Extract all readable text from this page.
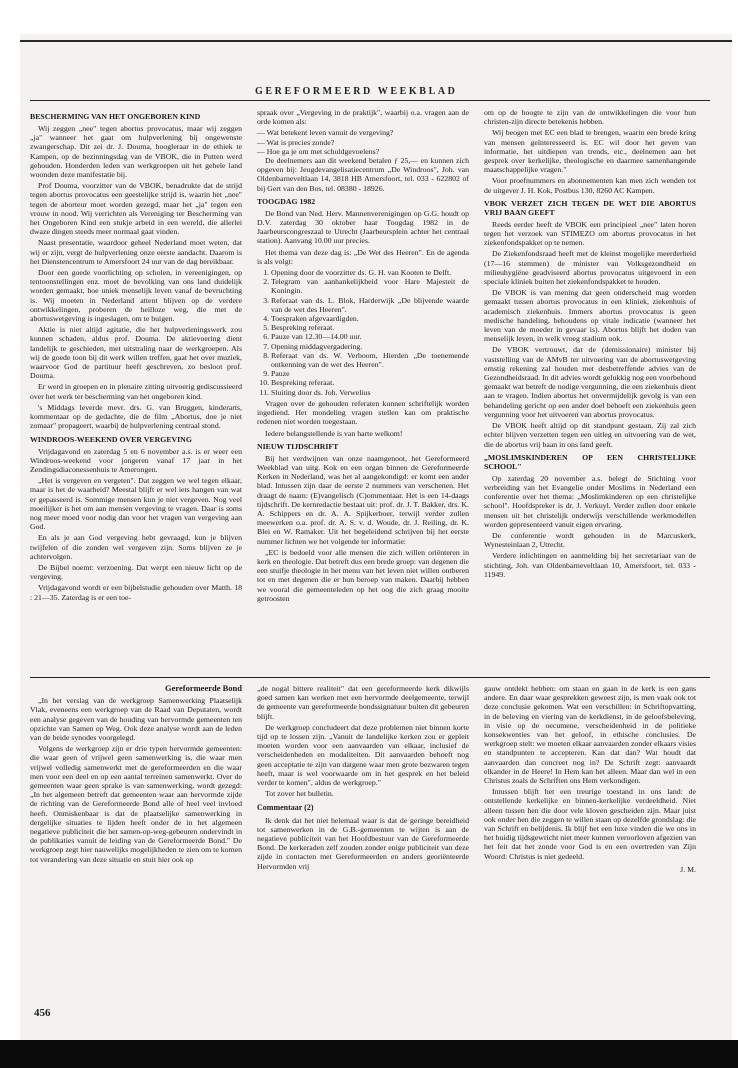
GEREFORMEERD WEEKBLAD
BESCHERMING VAN HET ONGEBOREN KIND

Wij zeggen „nee" tegen abortus provocatus, maar wij zeggen „ja" wanneer het gaat om hulpverlening bij ongewenste zwangerschap. Dit zei dr. J. Douma, hoogleraar in de ethiek te Kampen, op de bezinningsdag van de VBOK, die in Putten werd gehouden. Honderden leden van werkgroepen uit het gehele land woonden deze manifestatie bij.

Prof Douma, voorzitter van de VBOK, benadrukte dat de strijd tegen abortus provocatus een geestelijke strijd is, waarin het „nee" tegen de aborteur moet worden gezegd, maar het „ja" tegen een vrouw in nood. Wij verrichten als Vereniging ter Bescherming van het Ongeboren Kind een stukje arbeid in een wereld, die allerlei dwaze dingen steeds meer normaal gaat vinden.

Naast presentatie, waardoor geheel Nederland moet weten, dat wij er zijn, vergt de hulpverlening onze eerste aandacht. Daarom is het Dienstencentrum te Amersfoort 24 uur van de dag bereikbaar.

Door een goede voorlichting op scholen, in vereenigingen, op tentoonstellingen enz. moet de bevolking van ons land duidelijk worden gemaakt, hoe uniek menselijk leven vanaf de bevruchting is. Wij moeten in Nederland attent blijven op de verdere ontwikkelingen, proberen de heilloze weg, die met de abortuswetgeving is ingeslagen, om te buigen.

Aktie is niet altijd agitatie, die het hulpverleningswerk zou kunnen schaden, aldus prof. Douma. De aktievoering dient landelijk te geschieden, met uitstraling naar de werkgroepen. Als wij de goede toon bij dit werk willen treffen, gaat het over muziek, waarvoor God de partituur heeft geschreven, zo besloot prof. Douma.

Er werd in groepen en in plenaire zitting uitvoerig gediscussieerd over het werk ter bescherming van het ongeboren kind.

's Middags leverde mevr. drs. G. van Bruggen, kinderarts, kommentaar op de gedachte, die de film „Abortus, doe je niet zomaar" propageert, waarbij de hulpverlening centraal stond.

WINDROOS-WEEKEND OVER VERGEVING

Vrijdagavond en zaterdag 5 en 6 november a.s. is er weer een Windroos-weekend voor jongeren vanaf 17 jaar in het Zendingsdiaconessenhuis te Amerongen.

„Het is vergeven en vergeten". Dat zeggen we wel tegen elkaar, maar is het de waarheid? Meestal blijft er wel iets hangen van wat er gepasseerd is. Sommige mensen kun je niet vergeven. Nog veel moeilijker is het om aan mensen vergeving te vragen. Daar is soms nog meer moed voor nodig dan voor het vragen van vergeving aan God.

En als je aan God vergeving hebt gevraagd, kun je blijven twijfelen of die zonden wel vergeven zijn. Soms blijven ze je achtervolgen.

De Bijbel noemt: verzoening. Dat werpt een nieuw licht op de vergeving.

Vrijdagavond wordt er een bijbelstudie gehouden over Matth. 18 : 21—35. Zaterdag is er een toe-

spraak over „Vergeving in de praktijk", waarbij o.a. vragen aan de orde komen als:

— Wat betekent leven vanuit de vergeving?

— Wat is precies zonde?

— Hoe ga je om met schuldgevoelens?

De deelnemers aan dit weekend betalen ƒ 25,— en kunnen zich opgeven bij: Jeugdevangelisatiecentrum „De Windroos", Joh. van Oldenbarneveltlaan 14, 3818 HB Amersfoort, tel. 033 - 622802 of bij Gert van den Bos, tel. 08380 - 18926.

TOOGDAG 1982

De Bond van Ned. Herv. Mannenverenigingen op G.G. houdt op D.V. zaterdag 30 oktober haar Toogdag 1982 in de Jaarbeurscongreszaal te Utrecht (Jaarbeursplein achter het centraal station). Aanvang 10.00 uur precies.

Het thema van deze dag is: „De Wet des Heeren". En de agenda is als volgt:

1. Opening door de voorzitter ds. G. H. van Kooten te Delft.
2. Telegram van aanhankelijkheid voor Hare Majesteit de Koningin.
3. Referaat van ds. L. Blok, Harderwijk „De blijvende waarde van de wet des Heeren".
4. Toespraken afgevaardigden.
5. Bespreking referaat.
6. Pauze van 12.30—14.00 uur.
7. Opening middagvergadering.
8. Referaat van ds. W. Verboom, Hierden „De toenemende ontkenning van de wet des Heeren".
9. Pauze
10. Bespreking referaat.
11. Sluiting door ds. Joh. Verwelius

Vragen over de gehouden referaten kunnen schriftelijk worden ingediend. Het mondeling vragen stellen kan om praktische redenen niet worden toegestaan.

Iedere belangstellende is van harte welkom!

NIEUW TIJDSCHRIFT

Bij het verdwijnen van onze naamgenoot, het Gereformeerd Weekblad van uitg. Kok en een organ binnen de Gereformeerde Kerken in Nederland, was het al aangekondigd: er komt een ander blad. Intussen zijn daar de eerste 2 nummers van verschenen. Het draagt de naam: (E)vangelisch (C)ommentaar. Het is een 14-daags tijdschrift. De kernredactie bestaat uit: prof. dr. J. T. Bakker, drs. K. A. Schippers en dr. A. A. Spijkerboer, terwijl verder zullen meewerken o.a. prof. dr. A. S. v. d. Woude, dr. J. Reiling, dr. K. Blei en W. Ramaker. Uit het begeleidend schrijven bij het eerste nummer lichten we het volgende ter informatie:

„EC is bedoeld voor alle mensen die zich willen oriënteren in kerk en theologie. Dat betreft dus een brede groep: van degenen die een stuifje theologie in het menu van het leven niet willen ontberen tot en met degenen die er hun beroep van maken. Daarbij hebben we vooral die gemeenteleden op het oog die zich graag mooite getroosten

om op de hoogte te zijn van de ontwikkelingen die voor hun christen-zijn directe betekenis hebben.

Wij beogen met EC een blad te brengen, waarin een brede kring van mensen geïnteresseerd is. EC wil door het geven van informatie, het uitdiepen van trends, etc., deelnemen aan het gesprek over kerkelijke, theologische en daarmee samenhangende maatschappelijke vragen."

Voor proefnummers en abonnementen kan men zich wenden tot de uitgever J. H. Kok, Postbus 130, 8260 AC Kampen.

VBOK VERZET ZICH TEGEN DE WET DIE ABORTUS VRIJ BAAN GEEFT

Reeds eerder heeft de VBOK een principieel „nee" laten horen tegen het verzoek van STIMEZO om abortus provocatus in het ziekenfondspakket op te nemen.

De Ziekenfondsraad heeft met de kleinst mogelijke meerderheid (17—16 stemmen) de minister van Volksgezondheid en milieuhygiëne geadviseerd abortus provocatus uitgevoerd in een speciale kliniek buiten het ziekenfondspakket te houden.

De VBOK is van mening dat geen onderscheid mag worden gemaakt tussen abortus provocatus in een kliniek, ziekenhuis of academisch ziekenhuis. Immers abortus provocatus is geen medische handeling, behoudens op vitale indicatie (wanneer het leven van de moeder in gevaar is). Abortus blijft het doden van menselijk leven, in welk vroeg stadium ook.

De VBOK vertrouwt, dat de (demissionaire) minister bij vaststelling van de AMvB ter uitvoering van de abortuswetgeving ernstig rekening zal houden met desbetreffende advies van de Gezondheidsraad. In dit advies wordt gelukkig nog een voorbehoud gemaakt wat betreft de nodige vergunning, die een ziekenhuis dient aan te vragen. Indien abortus het onvermijdelijk gevolg is van een behandeling gericht op een ander doel behoeft een ziekenhuis geen vergunning voor het uitvoeren van abortus provocatus.

De VBOK heeft altijd op dit standpunt gestaan. Zij zal zich echter blijven verzetten tegen een uitleg en uitvoering van de wet, die de abortus vrij baan in ons land geeft.

„MOSLIMSKINDEREN OP EEN CHRISTELIJKE SCHOOL"

Op zaterdag 20 november a.s. belegt de Stichting voor verbreiding van het Evangelie onder Moslims in Nederland een conferentie over het thema: „Moslimkinderen op een christelijke school". Hoofdspreker is dr. J. Verkuyl. Verder zullen door enkele mensen uit het christelijk onderwijs verschillende werkmodellen worden gepresenteerd vanuit eigen ervaring.

De conferentie wordt gehouden in de Marcuskerk, Wynesteinlaan 2, Utrecht.

Verdere inlichtingen en aanmelding bij het secretariaat van de stichting, Joh. van Oldenbarneveltlaan 10, Amersfoort, tel. 033 - 11949.

Gereformeerde Bond

„In het verslag van de werkgroep Samenwerking Plaatselijk Vlak, eveneens een werkgroep van de Raad van Deputaten, wordt een analyse gegeven van de houding van hervormde gemeenten ten opzichte van Samen op Weg. Ook deze analyse wordt aan de leden van de beide synodes voorgelegd.

Volgens de werkgroep zijn er drie typen hervormde gemeenten: die waar geen of vrijwel geen samenwerking is, die waar men vrijwel volledig samenwerkt met de gereformeerden en die waar men voor een deel en op een aantal terreinen samenwerkt. Over de gemeenten waar geen sprake is van samenwerking, wordt gezegd: „In het algemeen betreft dat gemeenten waar aan hervormde zijde de richting van de Gereformeerde Bond alle of heel veel invloed heeft. Onmiskenbaar is dat de plaatselijke samenwerking in dergelijke situaties te lijden heeft onder de in het algemeen negatieve publiciteit die het samen-op-weg-gebeuren ondervindt in de publikaties vanuit de leiding van de Gereformeerde Bond." De werkgroep zegt hier nauwelijks mogelijkheden te zien om te komen tot verandering van deze situatie en stuit hier ook op

„de nogal bittere realiteit" dat een gereformeerde kerk dikwijls goed samen kan werken met een hervormde deelgemeente, terwijl de gemeente van gereformeerde bondssignatuur buiten dit gebeuren blijft.

De werkgroep concludeert dat deze problemen niet binnen korte tijd op te lossen zijn. „Vanuit de landelijke kerken zou er gepleit moeten worden voor een aanvaarden van elkaar, inclusief de verscheidenheden en modaliteiten. Dit aanvaarden behoeft nog geen acceptatie te zijn van datgene waar men grote bezwaren tegen heeft, maar is wel voorwaarde om in het gesprek en het beleid verder te komen", aldus de werkgroep."

Tot zover het bulletin.

Commentaar (2)

Ik denk dat het niet helemaal waar is dat de geringe bereidheid tot samenwerken in de G.B.-gemeenten te wijten is aan de negatieve publiciteit van het Hoofdbestuur van de Gereformeerde Bond. De kerkeraden zelf zouden zonder enige publiciteit van deze zijde in contacten met Gereformeerden en anders georiënteerde Hervormden vrij

gauw ontdekt hebben: om staan en gaan in de kerk is een gans andere. En daar waar gesprekken geweest zijn, is men vaak ook tot deze conclusie gekomen. Wat een verschillen: in Schriftopvatting, in de beleving en viering van de kerkdienst, in de geloofsbeleving, in visie op de oecumene, verscheidenheid in de politieke konsekwenties van het geloof, in ethische conclusies. De werkgroep stelt: we moeten elkaar aanvaarden zonder elkaars visies en standpunten te accepteren. Kan dat dan? Wat houdt dat aanvaarden dan concreet nog in? De Schrift zegt: aanvaardt elkander in de Heere! In Hem kan het alleen. Maar dan wel in een Christus zoals de Schriften ons Hem verkondigen.

Intussen blijft het een treurige toestand in ons land: de ontstellende kerkelijke en binnen-kerkelijke verdeeldheid. Niet alleen tussen hen die door vele kloven gescheiden zijn. Maar juist ook onder hen die zeggen te willen staan op dezelfde grondslag: die van Schrift en belijdenis. Ik blijf het een luxe vinden die we ons in het huidig tijdsgewricht niet meer kunnen veroorloven afgezien van het feit dat het zonde voor God is en een overtreden van Zijn Woord: Christus is niet gedeeld.

J. M.
456
